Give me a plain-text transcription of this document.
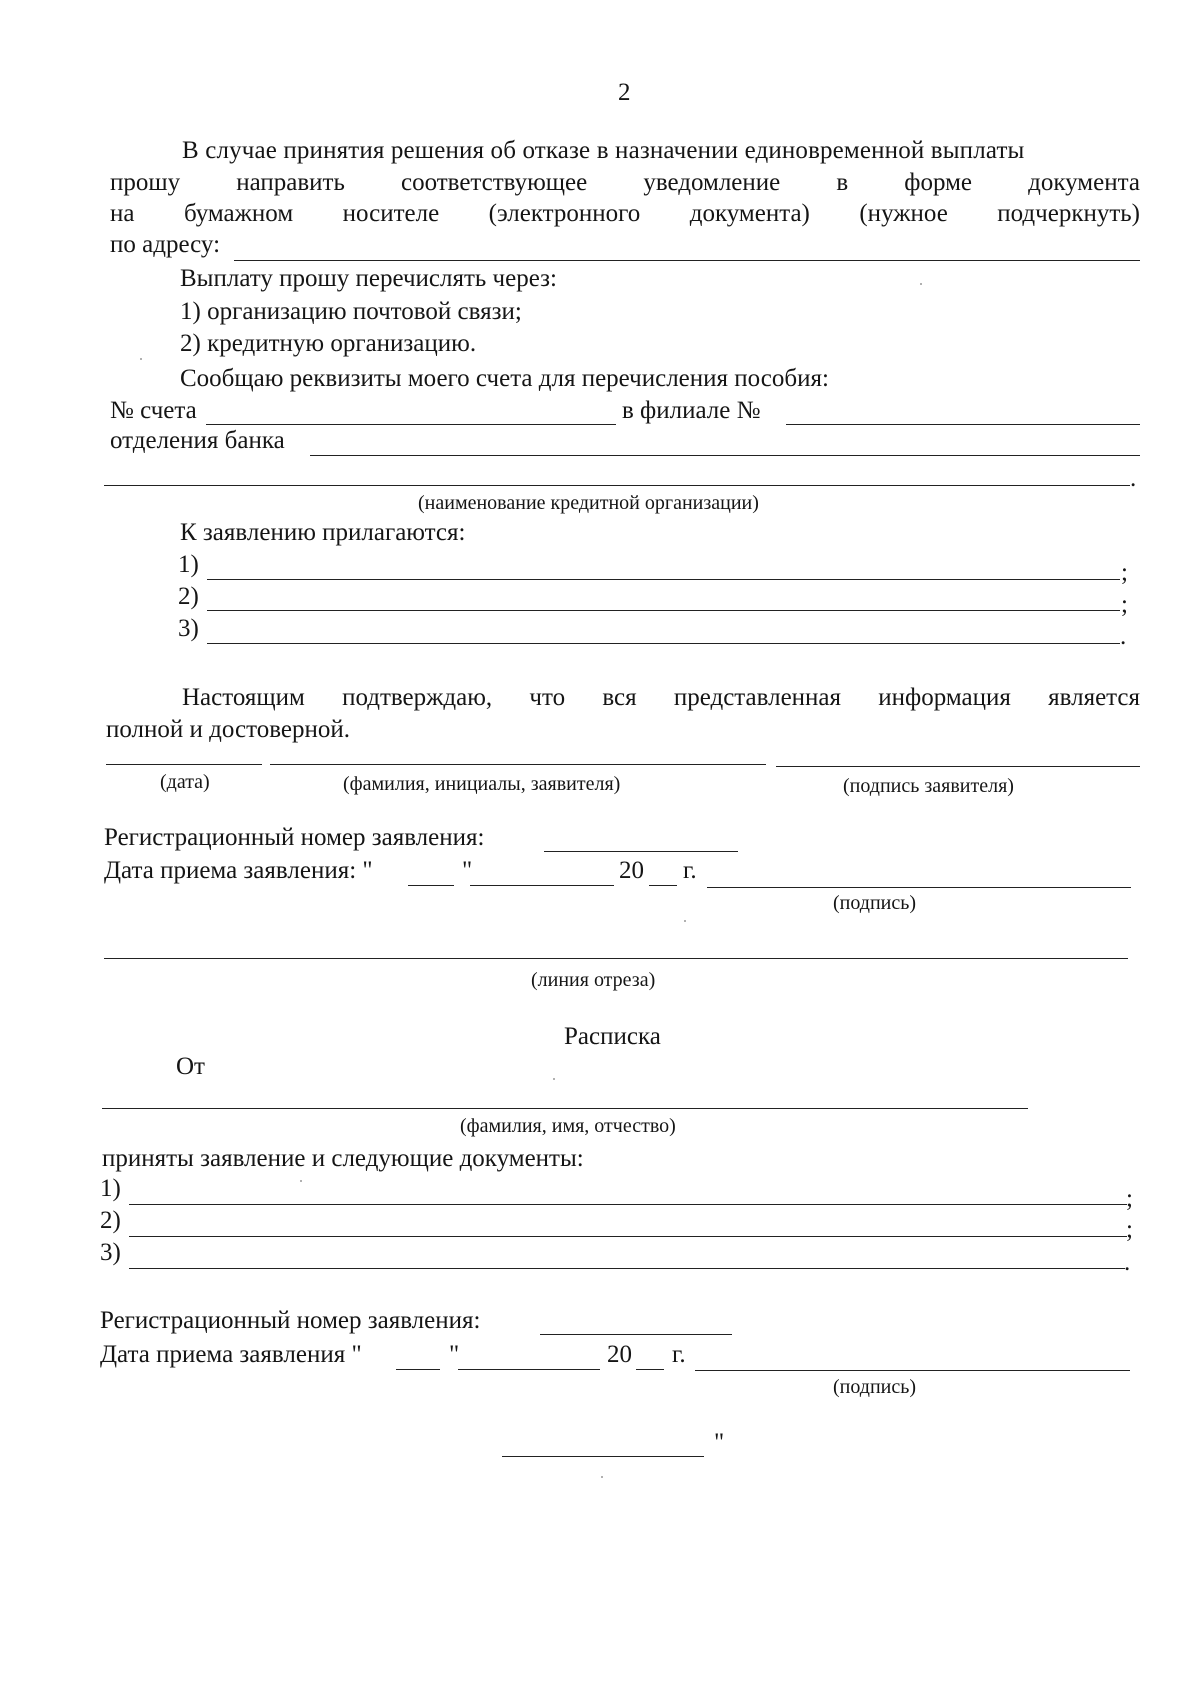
2
В случае принятия решения об отказе в назначении единовременной выплаты
прошу направить соответствующее уведомление в форме документа
на бумажном носителе (электронного документа) (нужное подчеркнуть)
по адресу:
Выплату прошу перечислять через:
1) организацию почтовой связи;
2) кредитную организацию.
Сообщаю реквизиты моего счета для перечисления пособия:
№ счета	в филиале №
отделения банка
.
(наименование кредитной организации)
К заявлению прилагаются:
1)	;
2)	;
3)	.
Настоящим подтверждаю, что вся представленная информация является
полной и достоверной.
(дата)	(фамилия, инициалы, заявителя)	(подпись заявителя)
Регистрационный номер заявления:
Дата приема заявления: "	"	20 г.
(подпись)
(линия отреза)
Расписка
От
(фамилия, имя, отчество)
приняты заявление и следующие документы:
1)	;
2)	;
3)	.
Регистрационный номер заявления:
Дата приема заявления "	"	20 г.
(подпись)
"
